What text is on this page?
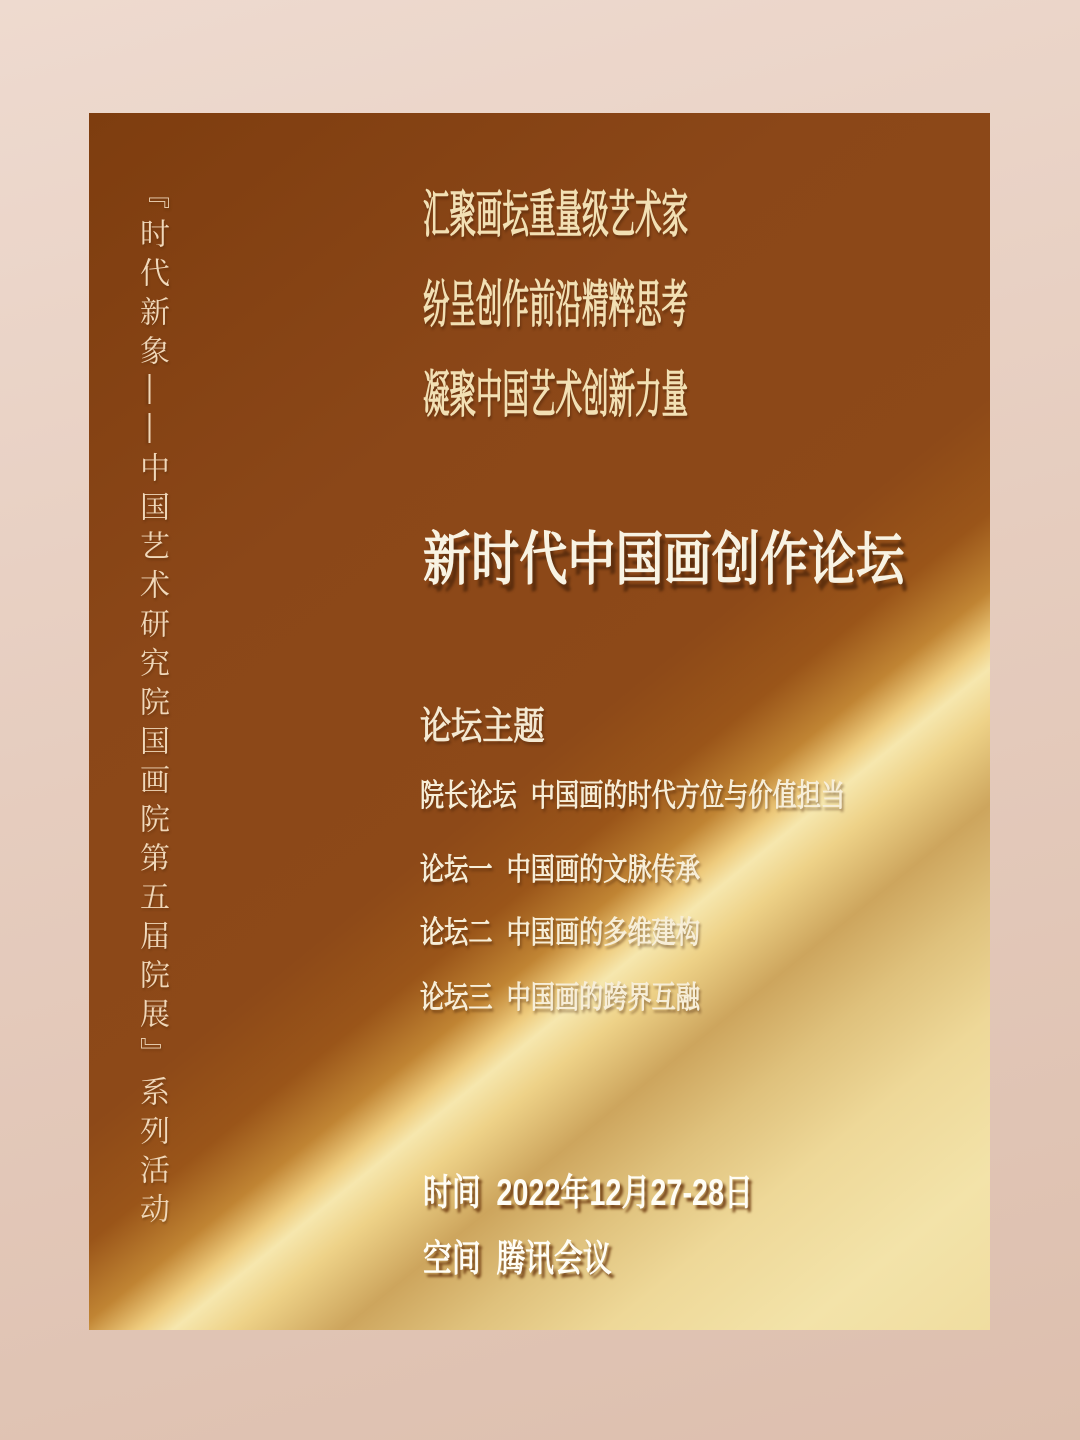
『时代新象——中国艺术研究院国画院第五届院展』系列活动	汇聚画坛重量级艺术家

纷呈创作前沿精粹思考

凝聚中国艺术创新力量

新时代中国画创作论坛
论坛主题
院长论坛 中国画的时代方位与价值担当
论坛一 中国画的文脉传承
论坛二 中国画的多维建构
论坛三 中国画的跨界互融
时间 2022年12月27-28日
空间 腾讯会议
